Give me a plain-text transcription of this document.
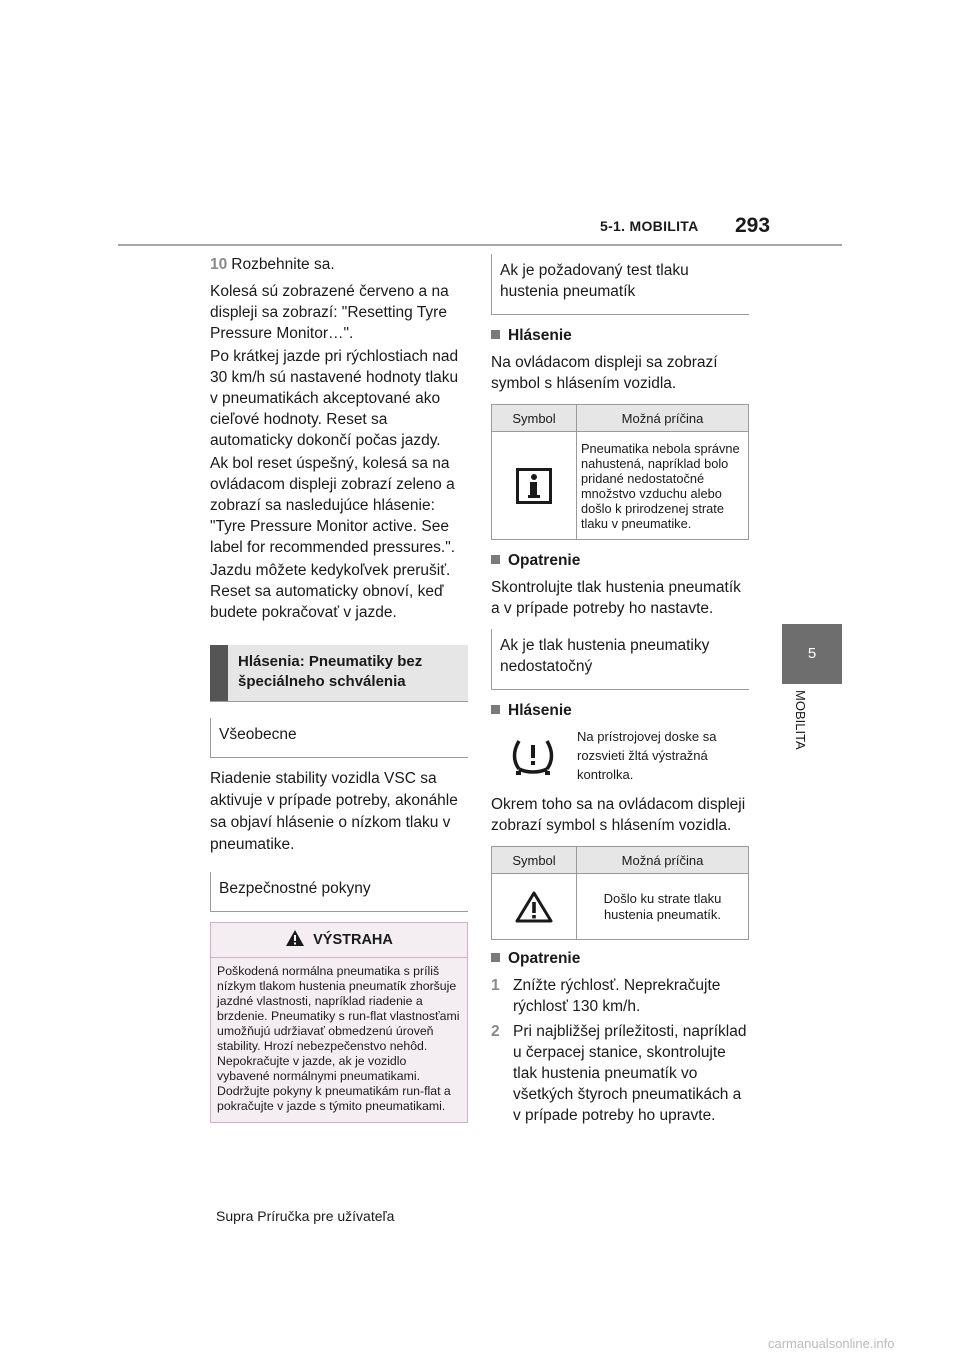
5-1. MOBILITA 293
5
MOBILITA

10 Rozbehnite sa.

Kolesá sú zobrazené červeno a na displeji sa zobrazí: "Resetting Tyre Pressure Monitor…".

Po krátkej jazde pri rýchlostiach nad 30 km/h sú nastavené hodnoty tlaku v pneumatikách akceptované ako cieľové hodnoty. Reset sa automaticky dokončí počas jazdy.

Ak bol reset úspešný, kolesá sa na ovládacom displeji zobrazí zeleno a zobrazí sa nasledujúce hlásenie: "Tyre Pressure Monitor active. See label for recommended pressures.".

Jazdu môžete kedykoľvek prerušiť. Reset sa automaticky obnoví, keď budete pokračovať v jazde.

Hlásenia: Pneumatiky bez špeciálneho schválenia
Všeobecne

Riadenie stability vozidla VSC sa aktivuje v prípade potreby, akonáhle sa objaví hlásenie o nízkom tlaku v pneumatike.

Bezpečnostné pokyny
VÝSTRAHA
Poškodená normálna pneumatika s príliš nízkym tlakom hustenia pneumatík zhoršuje jazdné vlastnosti, napríklad riadenie a brzdenie. Pneumatiky s run-flat vlastnosťami umožňujú udržiavať obmedzenú úroveň stability. Hrozí nebezpečenstvo nehôd. Nepokračujte v jazde, ak je vozidlo vybavené normálnymi pneumatikami. Dodržujte pokyny k pneumatikám run-flat a pokračujte v jazde s týmito pneumatikami.
Ak je požadovaný test tlaku hustenia pneumatík

Hlásenie

Na ovládacom displeji sa zobrazí symbol s hlásením vozidla.

Symbol	Možná príčina

	Pneumatika nebola správne nahustená, napríklad bolo pridané nedostatočné množstvo vzduchu alebo došlo k prirodzenej strate tlaku v pneumatike.

Opatrenie

Skontrolujte tlak hustenia pneumatík a v prípade potreby ho nastavte.

Ak je tlak hustenia pneumatiky nedostatočný

Hlásenie

Na prístrojovej doske sa rozsvieti žltá výstražná kontrolka.

Okrem toho sa na ovládacom displeji zobrazí symbol s hlásením vozidla.

Symbol	Možná príčina

	Došlo ku strate tlaku hustenia pneumatík.

Opatrenie

1 Znížte rýchlosť. Neprekračujte rýchlosť 130 km/h.
2 Pri najbližšej príležitosti, napríklad u čerpacej stanice, skontrolujte tlak hustenia pneumatík vo všetkých štyroch pneumatikách a v prípade potreby ho upravte.
Supra Príručka pre užívateľa
carmanualsonline.info
